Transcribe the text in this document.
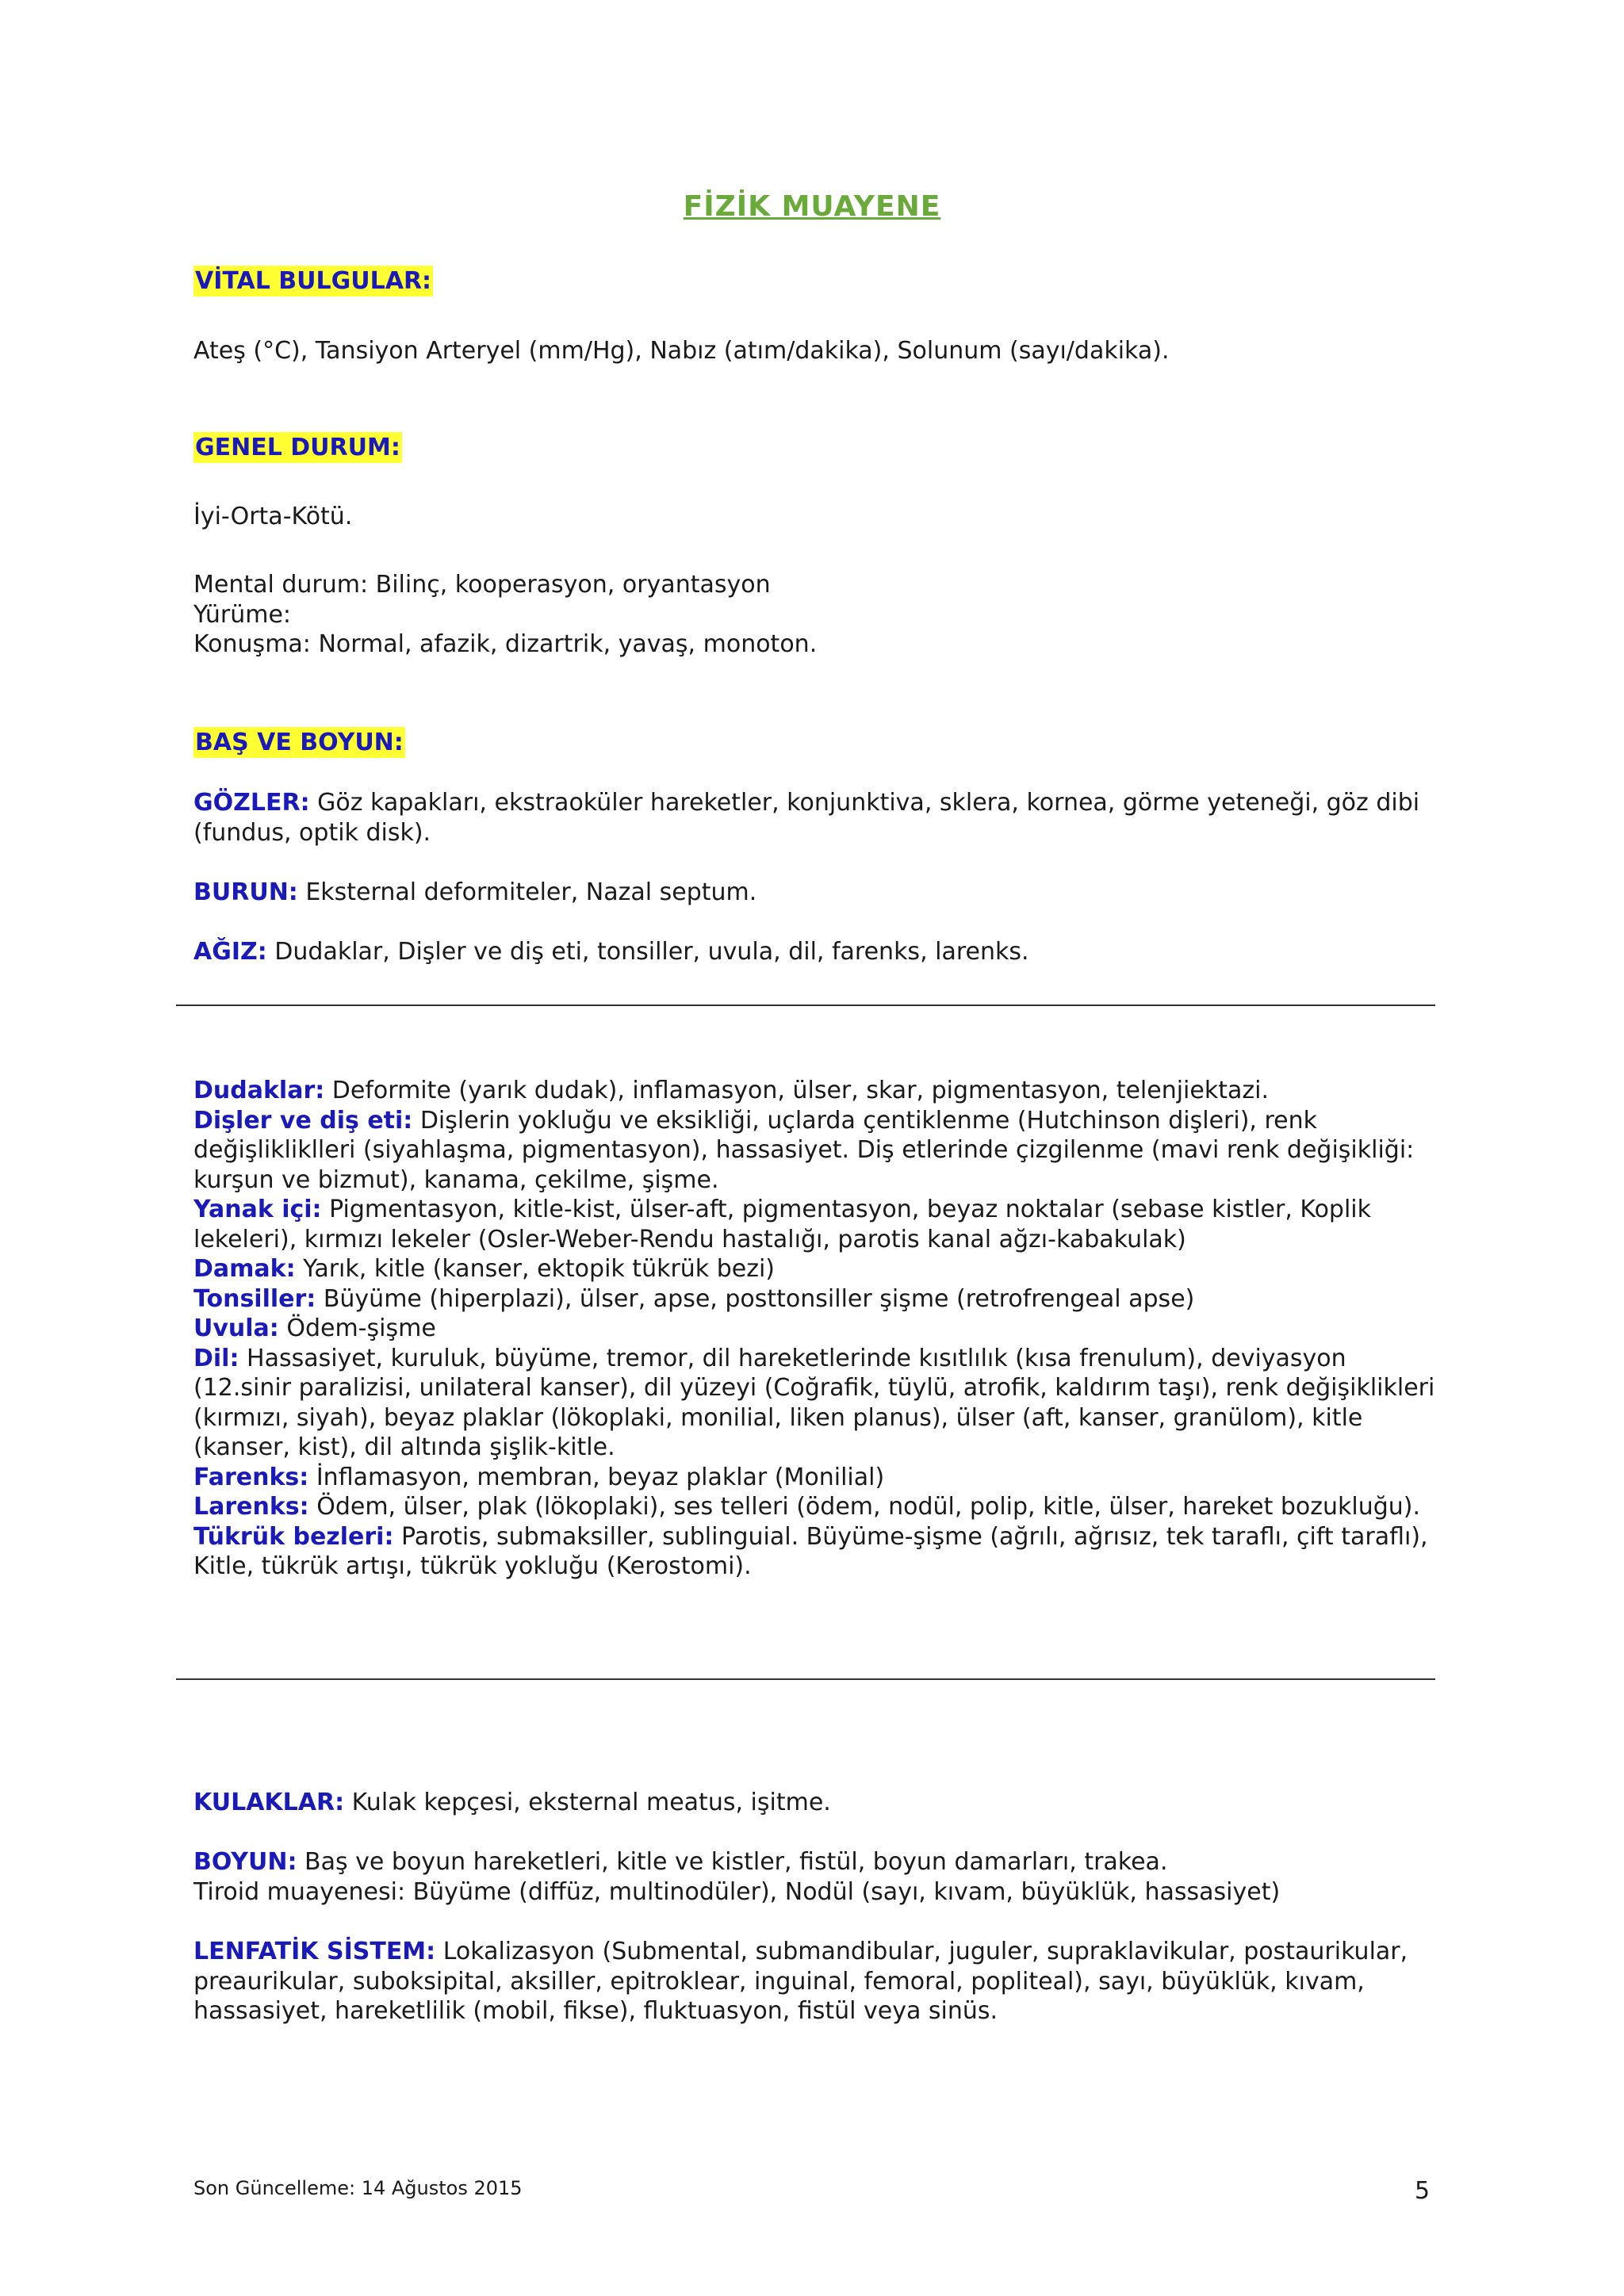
FİZİK MUAYENE
VİTAL BULGULAR:
Ateş (°C), Tansiyon Arteryel (mm/Hg), Nabız (atım/dakika), Solunum (sayı/dakika).
GENEL DURUM:
İyi-Orta-Kötü.
Mental durum: Bilinç, kooperasyon, oryantasyon
Yürüme:
Konuşma: Normal, afazik, dizartrik, yavaş, monoton.
BAŞ VE BOYUN:
GÖZLER: Göz kapakları, ekstraoküler hareketler, konjunktiva, sklera, kornea, görme yeteneği, göz dibi (fundus, optik disk).
BURUN: Eksternal deformiteler, Nazal septum.
AĞIZ: Dudaklar, Dişler ve diş eti, tonsiller, uvula, dil, farenks, larenks.
Dudaklar: Deformite (yarık dudak), inflamasyon, ülser, skar, pigmentasyon, telenjiektazi.
Dişler ve diş eti: Dişlerin yokluğu ve eksikliği, uçlarda çentiklenme (Hutchinson dişleri), renk değişlikliklleri (siyahlaşma, pigmentasyon), hassasiyet. Diş etlerinde çizgilenme (mavi renk değişikliği: kurşun ve bizmut), kanama, çekilme, şişme.
Yanak içi: Pigmentasyon, kitle-kist, ülser-aft, pigmentasyon, beyaz noktalar (sebase kistler, Koplik lekeleri), kırmızı lekeler (Osler-Weber-Rendu hastalığı, parotis kanal ağzı-kabakulak)
Damak: Yarık, kitle (kanser, ektopik tükrük bezi)
Tonsiller: Büyüme (hiperplazi), ülser, apse, posttonsiller şişme (retrofrengeal apse)
Uvula: Ödem-şişme
Dil: Hassasiyet, kuruluk, büyüme, tremor, dil hareketlerinde kısıtlılık (kısa frenulum), deviyasyon (12.sinir paralizisi, unilateral kanser), dil yüzeyi (Coğrafik, tüylü, atrofik, kaldırım taşı), renk değişiklikleri (kırmızı, siyah), beyaz plaklar (lökoplaki, monilial, liken planus), ülser (aft, kanser, granülom), kitle (kanser, kist), dil altında şişlik-kitle.
Farenks: İnflamasyon, membran, beyaz plaklar (Monilial)
Larenks: Ödem, ülser, plak (lökoplaki), ses telleri (ödem, nodül, polip, kitle, ülser, hareket bozukluğu).
Tükrük bezleri: Parotis, submaksiller, sublinguial. Büyüme-şişme (ağrılı, ağrısız, tek taraflı, çift taraflı), Kitle, tükrük artışı, tükrük yokluğu (Kerostomi).
KULAKLAR: Kulak kepçesi, eksternal meatus, işitme.
BOYUN: Baş ve boyun hareketleri, kitle ve kistler, fistül, boyun damarları, trakea.
Tiroid muayenesi: Büyüme (diffüz, multinodüler), Nodül (sayı, kıvam, büyüklük, hassasiyet)
LENFATİK SİSTEM: Lokalizasyon (Submental, submandibular, juguler, supraklavikular, postaurikular, preaurikular, suboksipital, aksiller, epitroklear, inguinal, femoral, popliteal), sayı, büyüklük, kıvam, hassasiyet, hareketlilik (mobil, fikse), fluktuasyon, fistül veya sinüs.
Son Güncelleme: 14 Ağustos 2015	5
